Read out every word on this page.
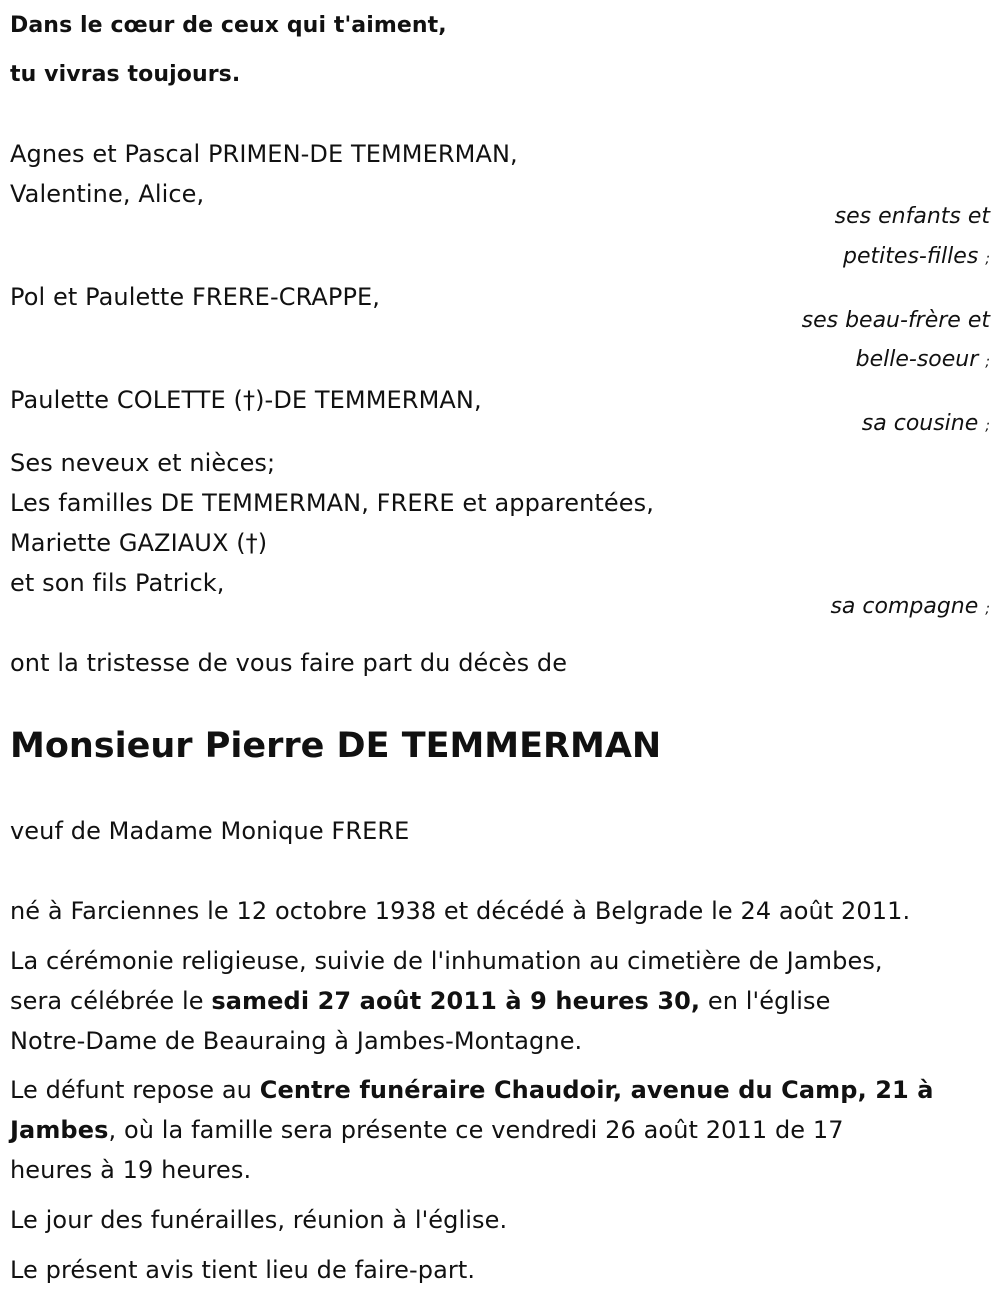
Dans le cœur de ceux qui t'aiment,
tu vivras toujours.
Agnes et Pascal PRIMEN-DE TEMMERMAN,
Valentine, Alice,
ses enfants et
petites-filles ;
Pol et Paulette FRERE-CRAPPE,
ses beau-frère et
belle-soeur ;
Paulette COLETTE (†)-DE TEMMERMAN,
sa cousine ;
Ses neveux et nièces;
Les familles DE TEMMERMAN, FRERE et apparentées,
Mariette GAZIAUX (†)
et son fils Patrick,
sa compagne ;
ont la tristesse de vous faire part du décès de
Monsieur Pierre DE TEMMERMAN
veuf de Madame Monique FRERE
né à Farciennes le 12 octobre 1938 et décédé à Belgrade le 24 août 2011.
La cérémonie religieuse, suivie de l'inhumation au cimetière de Jambes,
sera célébrée le samedi 27 août 2011 à 9 heures 30, en l'église
Notre-Dame de Beauraing à Jambes-Montagne.
Le défunt repose au Centre funéraire Chaudoir, avenue du Camp, 21 à
Jambes, où la famille sera présente ce vendredi 26 août 2011 de 17
heures à 19 heures.
Le jour des funérailles, réunion à l'église.
Le présent avis tient lieu de faire-part.
